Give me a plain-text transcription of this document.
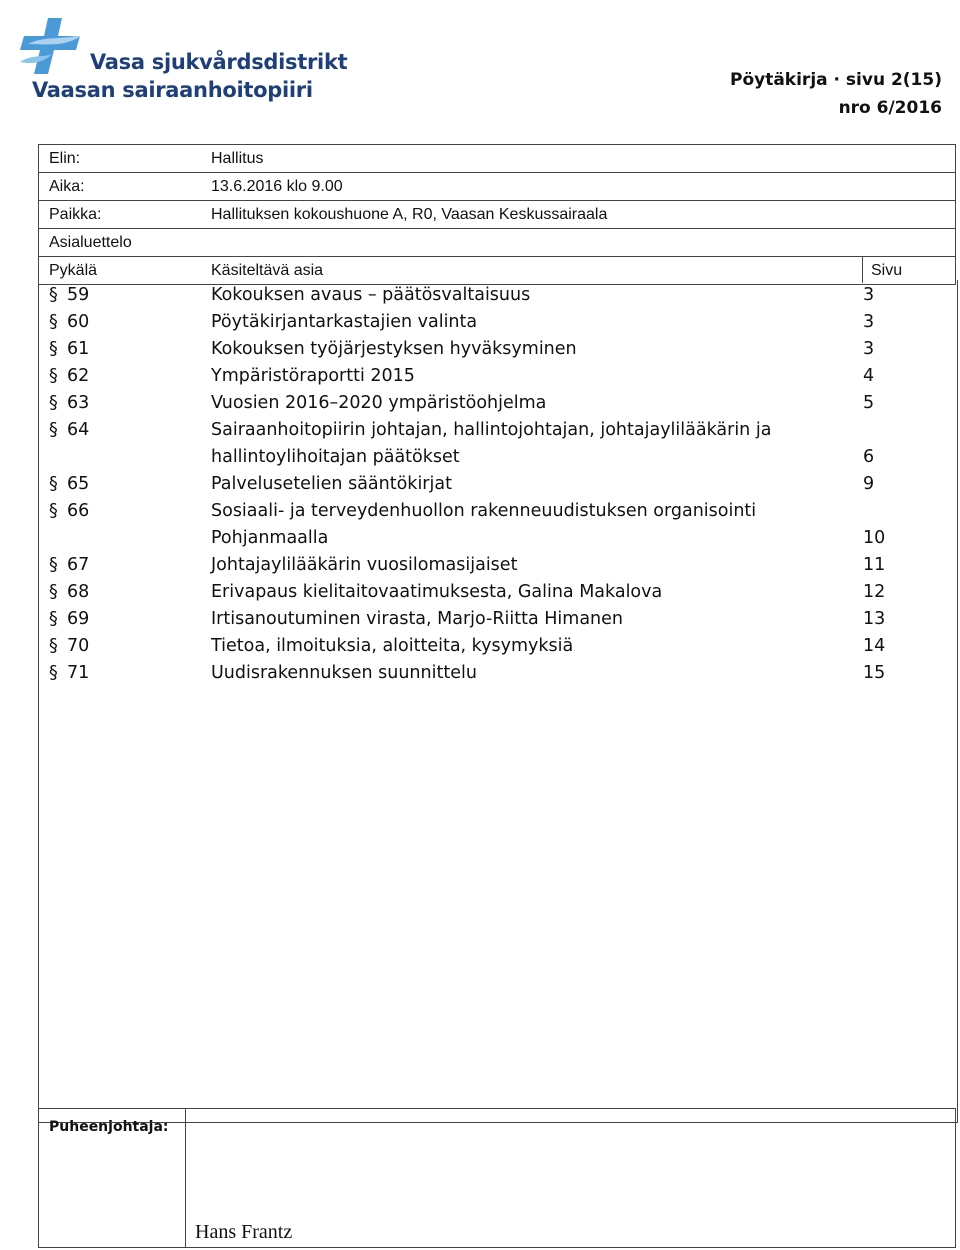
Vasa sjukvårdsdistrikt
Vaasan sairaanhoitopiiri	Pöytäkirja · sivu 2(15)
nro 6/2016
Elin:	Hallitus
Aika:	13.6.2016 klo 9.00
Paikka:	Hallituksen kokoushuone A, R0, Vaasan Keskussairaala
Asialuettelo
Pykälä	Käsiteltävä asia	Sivu
§ 59	Kokouksen avaus – päätösvaltaisuus	3
§ 60	Pöytäkirjantarkastajien valinta	3
§ 61	Kokouksen työjärjestyksen hyväksyminen	3
§ 62	Ympäristöraportti 2015	4
§ 63	Vuosien 2016–2020 ympäristöohjelma	5
§ 64	Sairaanhoitopiirin johtajan, hallintojohtajan, johtajaylilääkärin ja
hallintoylihoitajan päätökset	6
§ 65	Palvelusetelien sääntökirjat	9
§ 66	Sosiaali- ja terveydenhuollon rakenneuudistuksen organisointi
Pohjanmaalla	10
§ 67	Johtajaylilääkärin vuosilomasijaiset	11
§ 68	Erivapaus kielitaitovaatimuksesta, Galina Makalova	12
§ 69	Irtisanoutuminen virasta, Marjo-Riitta Himanen	13
§ 70	Tietoa, ilmoituksia, aloitteita, kysymyksiä	14
§ 71	Uudisrakennuksen suunnittelu	15
Puheenjohtaja:
Hans Frantz
